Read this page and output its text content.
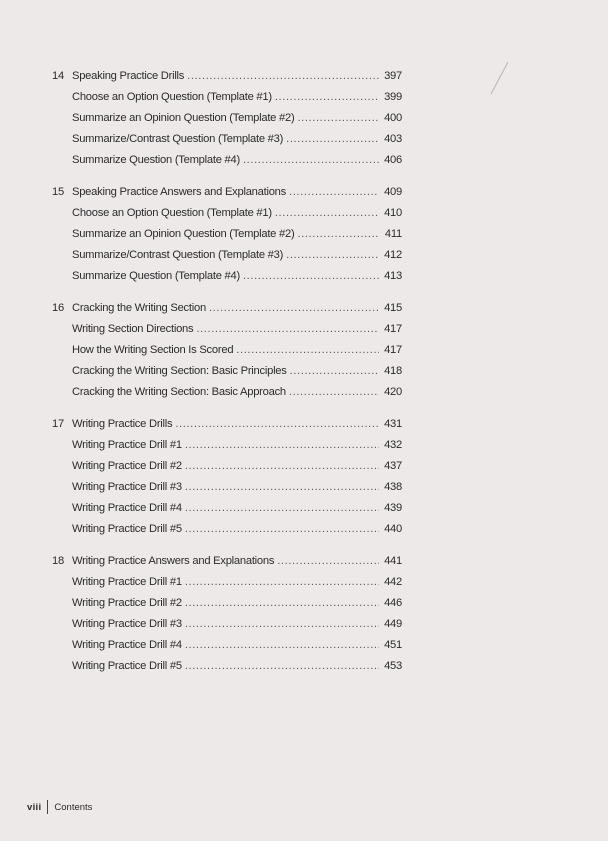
14 Speaking Practice Drills .....	397
Choose an Option Question (Template #1) .....	399
Summarize an Opinion Question (Template #2) .....	400
Summarize/Contrast Question (Template #3) .....	403
Summarize Question (Template #4) .....	406
15 Speaking Practice Answers and Explanations .....	409
Choose an Option Question (Template #1) .....	410
Summarize an Opinion Question (Template #2) .....	411
Summarize/Contrast Question (Template #3) .....	412
Summarize Question (Template #4) .....	413
16 Cracking the Writing Section .....	415
Writing Section Directions .....	417
How the Writing Section Is Scored .....	417
Cracking the Writing Section: Basic Principles .....	418
Cracking the Writing Section: Basic Approach .....	420
17 Writing Practice Drills .....	431
Writing Practice Drill #1 .....	432
Writing Practice Drill #2 .....	437
Writing Practice Drill #3 .....	438
Writing Practice Drill #4 .....	439
Writing Practice Drill #5 .....	440
18 Writing Practice Answers and Explanations .....	441
Writing Practice Drill #1 .....	442
Writing Practice Drill #2 .....	446
Writing Practice Drill #3 .....	449
Writing Practice Drill #4 .....	451
Writing Practice Drill #5 .....	453
viii Contents
